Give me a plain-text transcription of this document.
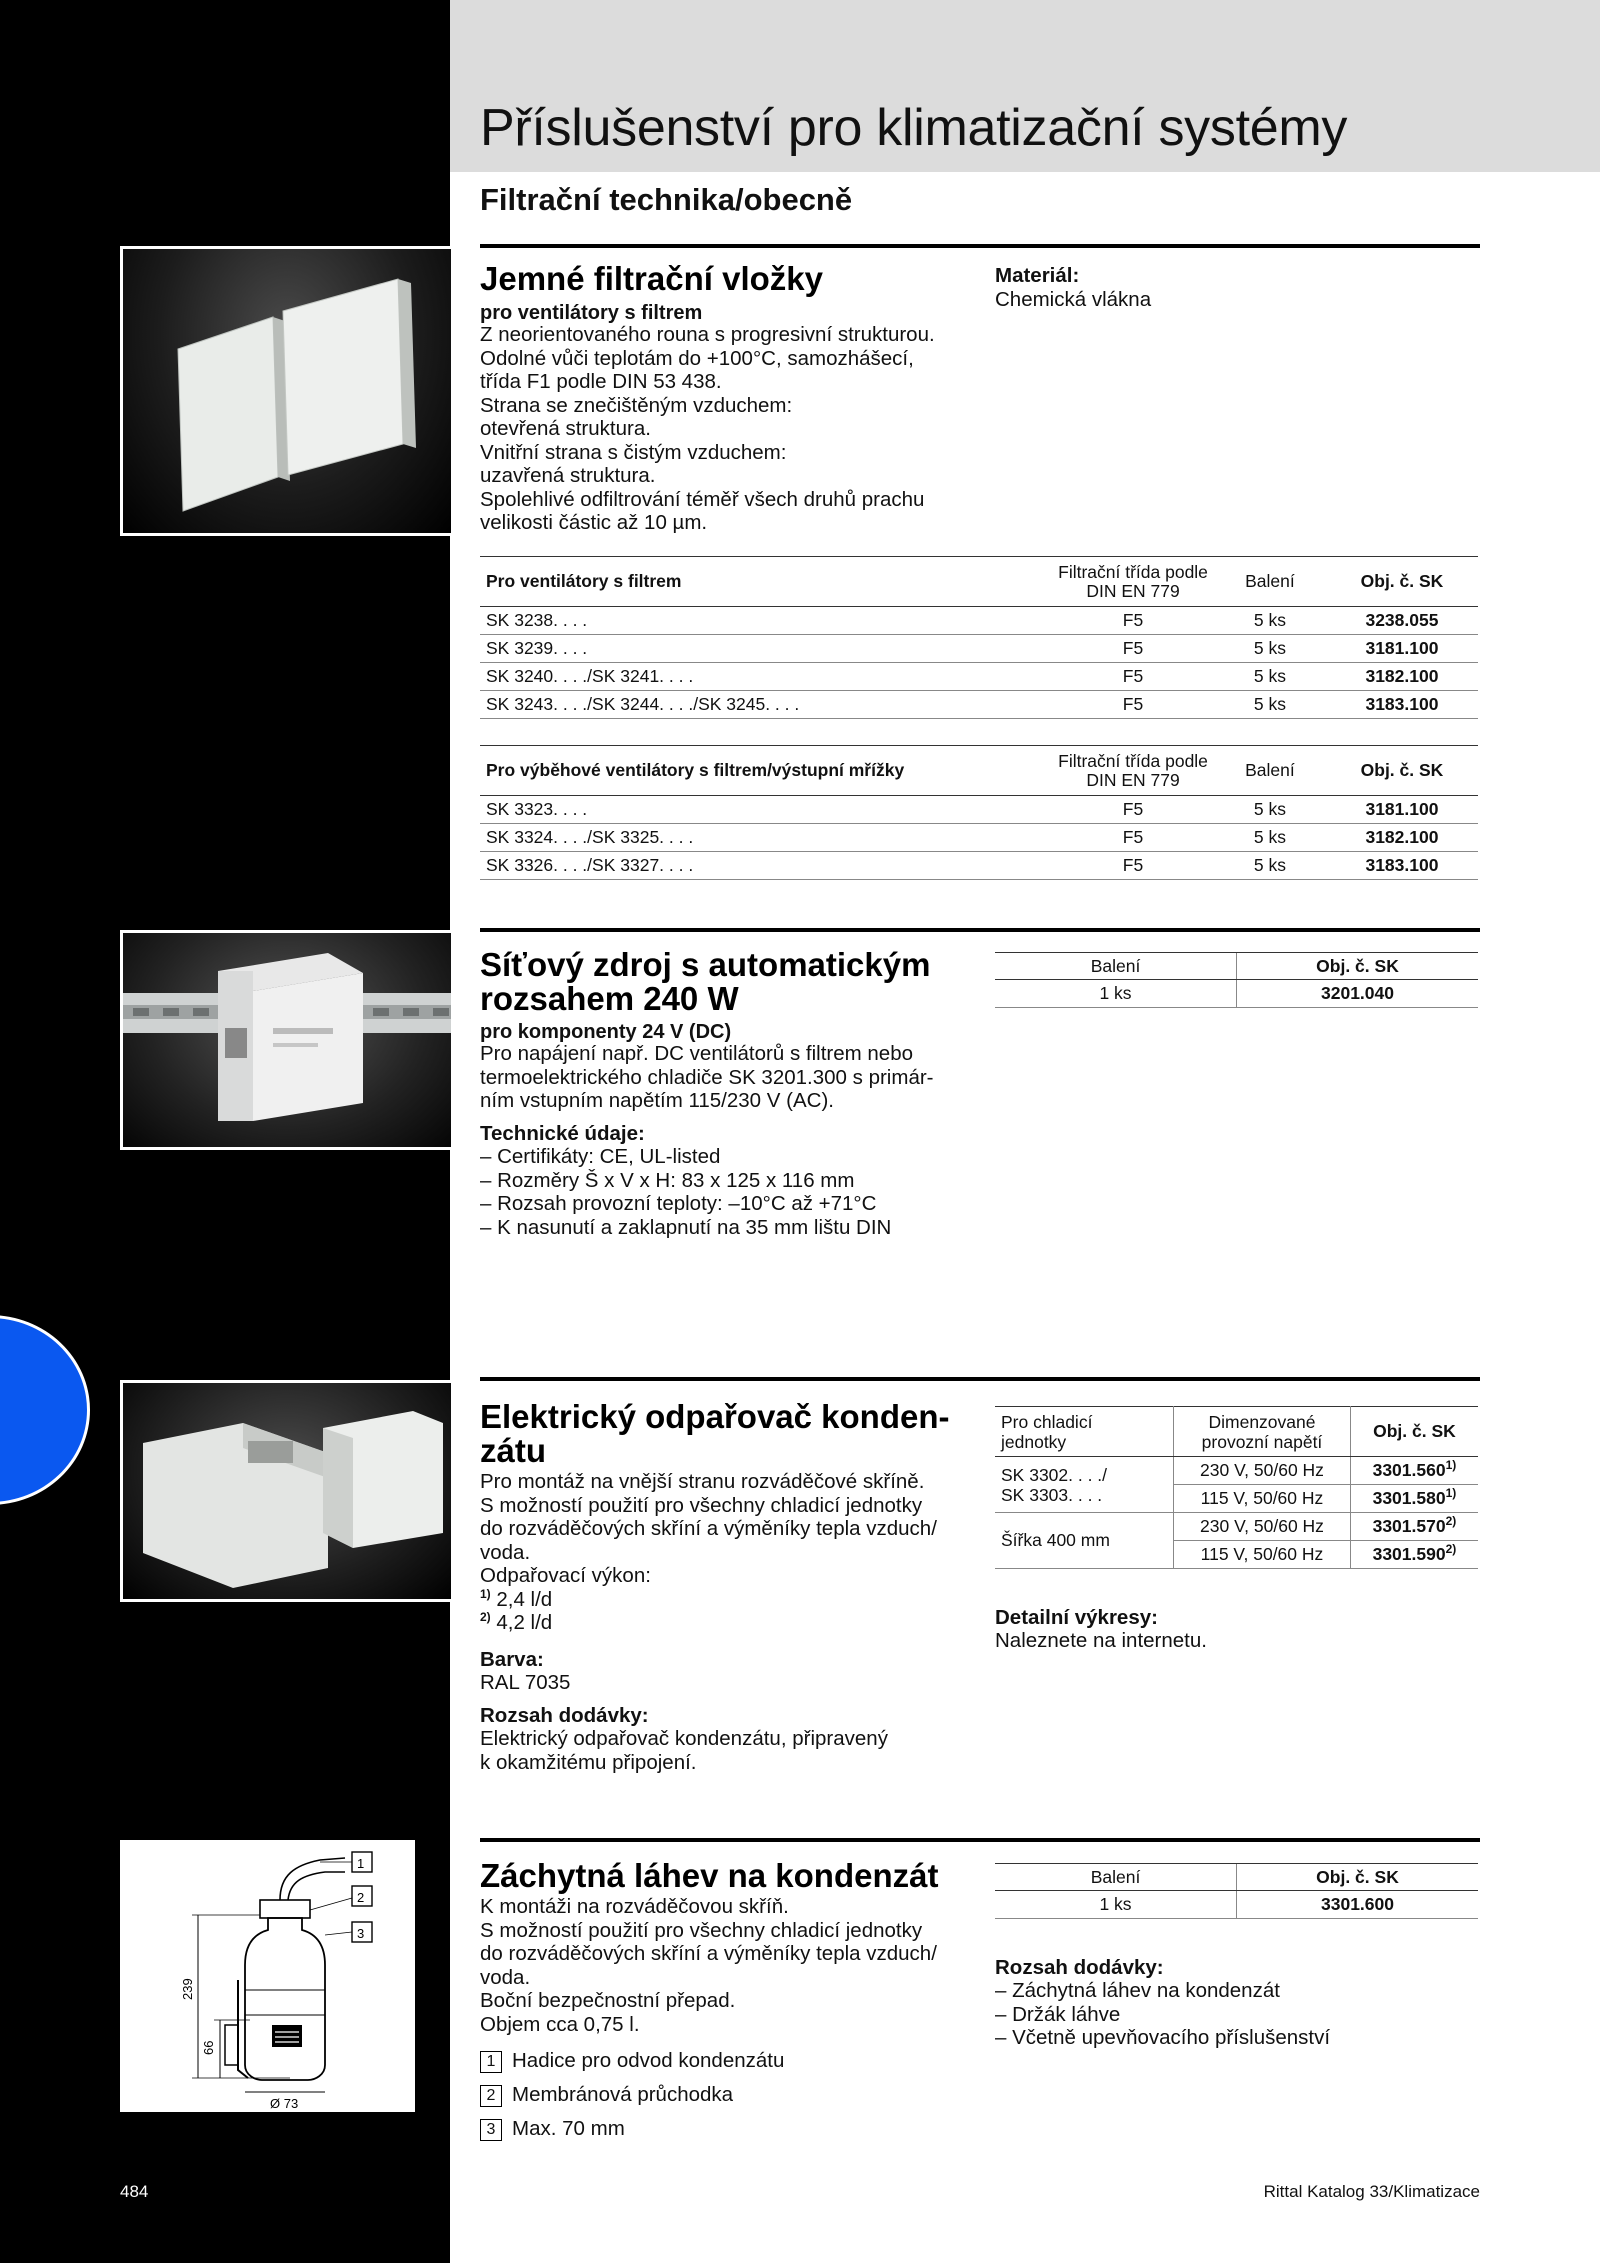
Příslušenství pro klimatizační systémy
Filtrační technika/obecně
Jemné filtrační vložky
pro ventilátory s filtrem
Z neorientovaného rouna s progresivní strukturou.
Odolné vůči teplotám do +100°C, samozhášecí,
třída F1 podle DIN 53 438.
Strana se znečištěným vzduchem:
otevřená struktura.
Vnitřní strana s čistým vzduchem:
uzavřená struktura.
Spolehlivé odfiltrování téměř všech druhů prachu
velikosti částic až 10 µm.
Materiál:
Chemická vlákna
Pro ventilátory s filtrem	Filtrační třída podle
DIN EN 779	Balení	Obj. č. SK
SK 3238. . . .	F5	5 ks	3238.055
SK 3239. . . .	F5	5 ks	3181.100
SK 3240. . . ./SK 3241. . . .	F5	5 ks	3182.100
SK 3243. . . ./SK 3244. . . ./SK 3245. . . .	F5	5 ks	3183.100
Pro výběhové ventilátory s filtrem/výstupní mřížky	Filtrační třída podle
DIN EN 779	Balení	Obj. č. SK
SK 3323. . . .	F5	5 ks	3181.100
SK 3324. . . ./SK 3325. . . .	F5	5 ks	3182.100
SK 3326. . . ./SK 3327. . . .	F5	5 ks	3183.100
Síťový zdroj s automatickým
rozsahem 240 W
pro komponenty 24 V (DC)
Pro napájení např. DC ventilátorů s filtrem nebo
termoelektrického chladiče SK 3201.300 s primár-
ním vstupním napětím 115/230 V (AC).
Technické údaje:
– Certifikáty: CE, UL-listed
– Rozměry Š x V x H: 83 x 125 x 116 mm
– Rozsah provozní teploty: –10°C až +71°C
– K nasunutí a zaklapnutí na 35 mm lištu DIN
Balení	Obj. č. SK
1 ks	3201.040
Elektrický odpařovač konden-
zátu
Pro montáž na vnější stranu rozváděčové skříně.
S možností použití pro všechny chladicí jednotky
do rozváděčových skříní a výměníky tepla vzduch/
voda.
Odpařovací výkon:
$^{1)}$ 2,4 l/d
$^{2)}$ 4,2 l/d
Barva:
RAL 7035
Rozsah dodávky:
Elektrický odpařovač kondenzátu, připravený
k okamžitému připojení.
Pro chladicí
jednotky	Dimenzované
provozní napětí	Obj. č. SK

SK 3302. . . ./
SK 3303. . . .	230 V, 50/60 Hz	3301.560$^{1)}$
	115 V, 50/60 Hz	3301.580$^{1)}$
Šířka 400 mm	230 V, 50/60 Hz	3301.570$^{2)}$
	115 V, 50/60 Hz	3301.590$^{2)}$
Detailní výkresy:
Naleznete na internetu.
239
66
Ø 73
1
2
3
Záchytná láhev na kondenzát
K montáži na rozváděčovou skříň.
S možností použití pro všechny chladicí jednotky
do rozváděčových skříní a výměníky tepla vzduch/
voda.
Boční bezpečnostní přepad.
Objem cca 0,75 l.
1 Hadice pro odvod kondenzátu
2 Membránová průchodka
3 Max. 70 mm
Balení	Obj. č. SK
1 ks	3301.600
Rozsah dodávky:
– Záchytná láhev na kondenzát
– Držák láhve
– Včetně upevňovacího příslušenství
484	Rittal Katalog 33/Klimatizace
